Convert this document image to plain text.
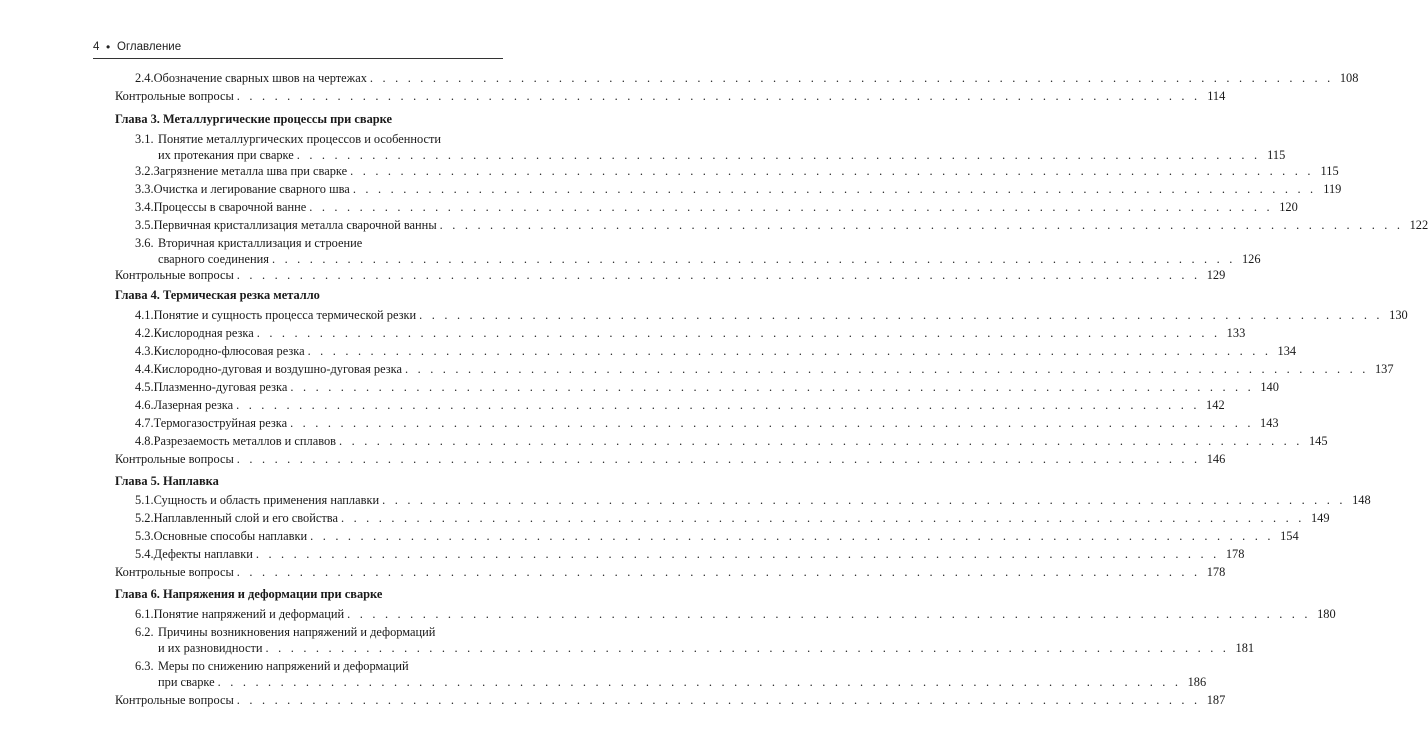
4 • Оглавление
2.4. Обозначение сварных швов на чертежах . . . . . . . . . . . . . . . . . . . . . . . . . . . . . . . . . . . . . . . . . . . . . . . . . . . . . . . . . . . . . . . . . . . . . . . . . . . . . 108
Контрольные вопросы . . . . . . . . . . . . . . . . . . . . . . . . . . . . . . . . . . . . . . . . . . . . . . . . . . . . . . . . . . . . . . . . . . . . . . . . . . . . . 114
Глава 3. Металлургические процессы при сварке
3.1. Понятие металлургических процессов и особенности
их протекания при сварке . . . . . . . . . . . . . . . . . . . . . . . . . . . . . . . . . . . . . . . . . . . . . . . . . . . . . . . . . . . . . . . . . . . . . . . . . . . . . 115
3.2. Загрязнение металла шва при сварке . . . . . . . . . . . . . . . . . . . . . . . . . . . . . . . . . . . . . . . . . . . . . . . . . . . . . . . . . . . . . . . . . . . . . . . . . . . . . 115
3.3. Очистка и легирование сварного шва . . . . . . . . . . . . . . . . . . . . . . . . . . . . . . . . . . . . . . . . . . . . . . . . . . . . . . . . . . . . . . . . . . . . . . . . . . . . . 119
3.4. Процессы в сварочной ванне . . . . . . . . . . . . . . . . . . . . . . . . . . . . . . . . . . . . . . . . . . . . . . . . . . . . . . . . . . . . . . . . . . . . . . . . . . . . . 120
3.5. Первичная кристаллизация металла сварочной ванны . . . . . . . . . . . . . . . . . . . . . . . . . . . . . . . . . . . . . . . . . . . . . . . . . . . . . . . . . . . . . . . . . . . . . . . . . . . . . 122
3.6. Вторичная кристаллизация и строение
сварного соединения . . . . . . . . . . . . . . . . . . . . . . . . . . . . . . . . . . . . . . . . . . . . . . . . . . . . . . . . . . . . . . . . . . . . . . . . . . . . . 126
Контрольные вопросы . . . . . . . . . . . . . . . . . . . . . . . . . . . . . . . . . . . . . . . . . . . . . . . . . . . . . . . . . . . . . . . . . . . . . . . . . . . . . 129
Глава 4. Термическая резка металло
4.1. Понятие и сущность процесса термической резки . . . . . . . . . . . . . . . . . . . . . . . . . . . . . . . . . . . . . . . . . . . . . . . . . . . . . . . . . . . . . . . . . . . . . . . . . . . . . 130
4.2. Кислородная резка . . . . . . . . . . . . . . . . . . . . . . . . . . . . . . . . . . . . . . . . . . . . . . . . . . . . . . . . . . . . . . . . . . . . . . . . . . . . . 133
4.3. Кислородно-флюсовая резка . . . . . . . . . . . . . . . . . . . . . . . . . . . . . . . . . . . . . . . . . . . . . . . . . . . . . . . . . . . . . . . . . . . . . . . . . . . . . 134
4.4. Кислородно-дуговая и воздушно-дуговая резка . . . . . . . . . . . . . . . . . . . . . . . . . . . . . . . . . . . . . . . . . . . . . . . . . . . . . . . . . . . . . . . . . . . . . . . . . . . . . 137
4.5. Плазменно-дуговая резка . . . . . . . . . . . . . . . . . . . . . . . . . . . . . . . . . . . . . . . . . . . . . . . . . . . . . . . . . . . . . . . . . . . . . . . . . . . . . 140
4.6. Лазерная резка . . . . . . . . . . . . . . . . . . . . . . . . . . . . . . . . . . . . . . . . . . . . . . . . . . . . . . . . . . . . . . . . . . . . . . . . . . . . . 142
4.7. Термогазоструйная резка . . . . . . . . . . . . . . . . . . . . . . . . . . . . . . . . . . . . . . . . . . . . . . . . . . . . . . . . . . . . . . . . . . . . . . . . . . . . . 143
4.8. Разрезаемость металлов и сплавов . . . . . . . . . . . . . . . . . . . . . . . . . . . . . . . . . . . . . . . . . . . . . . . . . . . . . . . . . . . . . . . . . . . . . . . . . . . . . 145
Контрольные вопросы . . . . . . . . . . . . . . . . . . . . . . . . . . . . . . . . . . . . . . . . . . . . . . . . . . . . . . . . . . . . . . . . . . . . . . . . . . . . . 146
Глава 5. Наплавка
5.1. Сущность и область применения наплавки . . . . . . . . . . . . . . . . . . . . . . . . . . . . . . . . . . . . . . . . . . . . . . . . . . . . . . . . . . . . . . . . . . . . . . . . . . . . . 148
5.2. Наплавленный слой и его свойства . . . . . . . . . . . . . . . . . . . . . . . . . . . . . . . . . . . . . . . . . . . . . . . . . . . . . . . . . . . . . . . . . . . . . . . . . . . . . 149
5.3. Основные способы наплавки . . . . . . . . . . . . . . . . . . . . . . . . . . . . . . . . . . . . . . . . . . . . . . . . . . . . . . . . . . . . . . . . . . . . . . . . . . . . . 154
5.4. Дефекты наплавки . . . . . . . . . . . . . . . . . . . . . . . . . . . . . . . . . . . . . . . . . . . . . . . . . . . . . . . . . . . . . . . . . . . . . . . . . . . . . 178
Контрольные вопросы . . . . . . . . . . . . . . . . . . . . . . . . . . . . . . . . . . . . . . . . . . . . . . . . . . . . . . . . . . . . . . . . . . . . . . . . . . . . . 178
Глава 6. Напряжения и деформации при сварке
6.1. Понятие напряжений и деформаций . . . . . . . . . . . . . . . . . . . . . . . . . . . . . . . . . . . . . . . . . . . . . . . . . . . . . . . . . . . . . . . . . . . . . . . . . . . . . 180
6.2. Причины возникновения напряжений и деформаций
и их разновидности . . . . . . . . . . . . . . . . . . . . . . . . . . . . . . . . . . . . . . . . . . . . . . . . . . . . . . . . . . . . . . . . . . . . . . . . . . . . . 181
6.3. Меры по снижению напряжений и деформаций
при сварке . . . . . . . . . . . . . . . . . . . . . . . . . . . . . . . . . . . . . . . . . . . . . . . . . . . . . . . . . . . . . . . . . . . . . . . . . . . . . 186
Контрольные вопросы . . . . . . . . . . . . . . . . . . . . . . . . . . . . . . . . . . . . . . . . . . . . . . . . . . . . . . . . . . . . . . . . . . . . . . . . . . . . . 187
